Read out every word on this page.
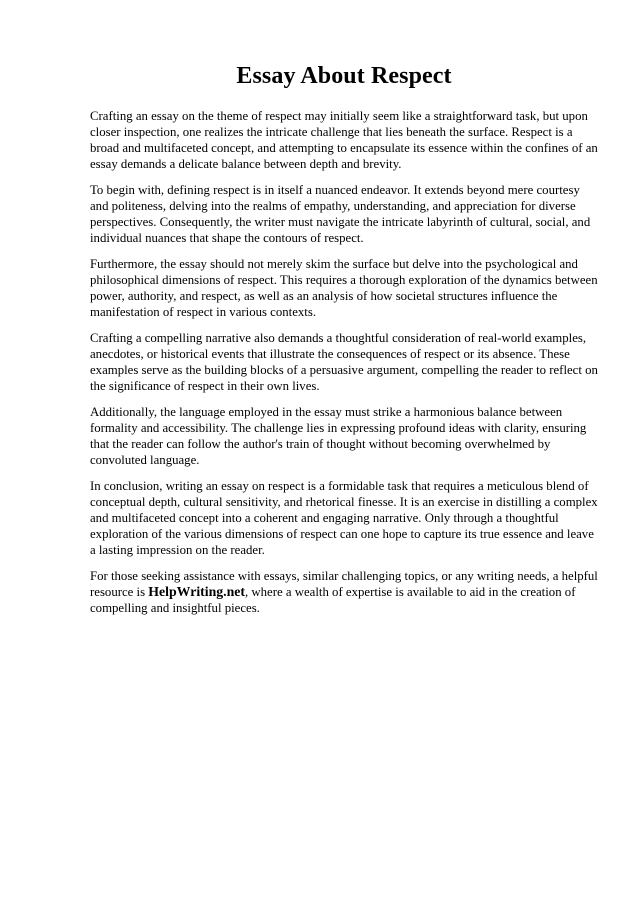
Essay About Respect

Crafting an essay on the theme of respect may initially seem like a straightforward task, but upon closer inspection, one realizes the intricate challenge that lies beneath the surface. Respect is a broad and multifaceted concept, and attempting to encapsulate its essence within the confines of an essay demands a delicate balance between depth and brevity.

To begin with, defining respect is in itself a nuanced endeavor. It extends beyond mere courtesy and politeness, delving into the realms of empathy, understanding, and appreciation for diverse perspectives. Consequently, the writer must navigate the intricate labyrinth of cultural, social, and individual nuances that shape the contours of respect.

Furthermore, the essay should not merely skim the surface but delve into the psychological and philosophical dimensions of respect. This requires a thorough exploration of the dynamics between power, authority, and respect, as well as an analysis of how societal structures influence the manifestation of respect in various contexts.

Crafting a compelling narrative also demands a thoughtful consideration of real-world examples, anecdotes, or historical events that illustrate the consequences of respect or its absence. These examples serve as the building blocks of a persuasive argument, compelling the reader to reflect on the significance of respect in their own lives.

Additionally, the language employed in the essay must strike a harmonious balance between formality and accessibility. The challenge lies in expressing profound ideas with clarity, ensuring that the reader can follow the author's train of thought without becoming overwhelmed by convoluted language.

In conclusion, writing an essay on respect is a formidable task that requires a meticulous blend of conceptual depth, cultural sensitivity, and rhetorical finesse. It is an exercise in distilling a complex and multifaceted concept into a coherent and engaging narrative. Only through a thoughtful exploration of the various dimensions of respect can one hope to capture its true essence and leave a lasting impression on the reader.

For those seeking assistance with essays, similar challenging topics, or any writing needs, a helpful resource is HelpWriting.net, where a wealth of expertise is available to aid in the creation of compelling and insightful pieces.
